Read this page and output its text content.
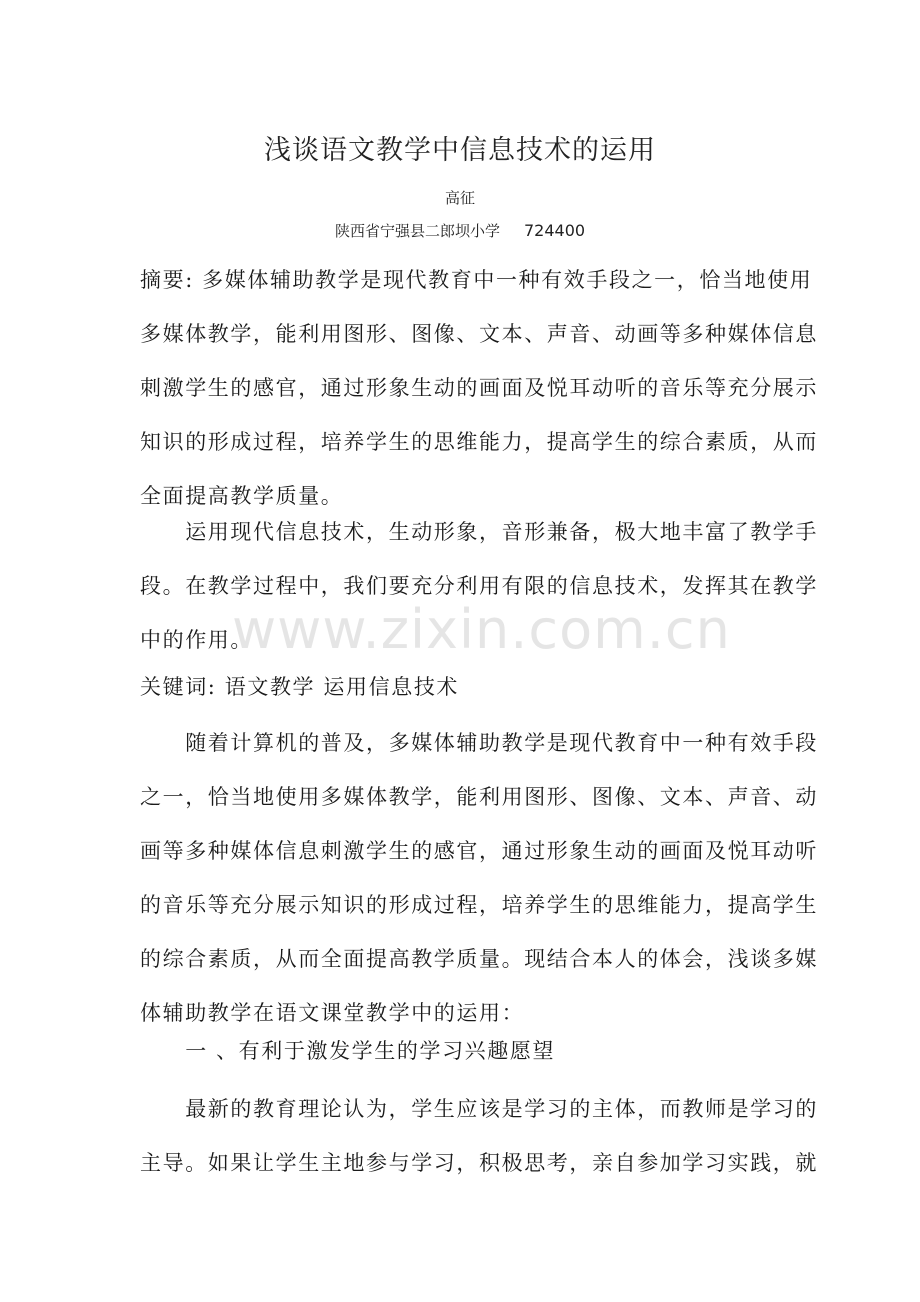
浅谈语文教学中信息技术的运用
高征
陕西省宁强县二郎坝小学 724400
摘要: 多媒体辅助教学是现代教育中一种有效手段之一，恰当地使用
多媒体教学，能利用图形、图像、文本、声音、动画等多种媒体信息
刺激学生的感官，通过形象生动的画面及悦耳动听的音乐等充分展示
知识的形成过程，培养学生的思维能力，提高学生的综合素质，从而
全面提高教学质量。
　　运用现代信息技术，生动形象，音形兼备，极大地丰富了教学手
段。在教学过程中，我们要充分利用有限的信息技术，发挥其在教学
中的作用。
关键词: 语文教学 运用信息技术
　　随着计算机的普及，多媒体辅助教学是现代教育中一种有效手段
之一，恰当地使用多媒体教学，能利用图形、图像、文本、声音、动
画等多种媒体信息刺激学生的感官，通过形象生动的画面及悦耳动听
的音乐等充分展示知识的形成过程，培养学生的思维能力，提高学生
的综合素质，从而全面提高教学质量。现结合本人的体会，浅谈多媒
体辅助教学在语文课堂教学中的运用：
　　一 、有利于激发学生的学习兴趣愿望
　　最新的教育理论认为，学生应该是学习的主体，而教师是学习的
主导。如果让学生主地参与学习，积极思考，亲自参加学习实践，就
www.zixin.com.cn
